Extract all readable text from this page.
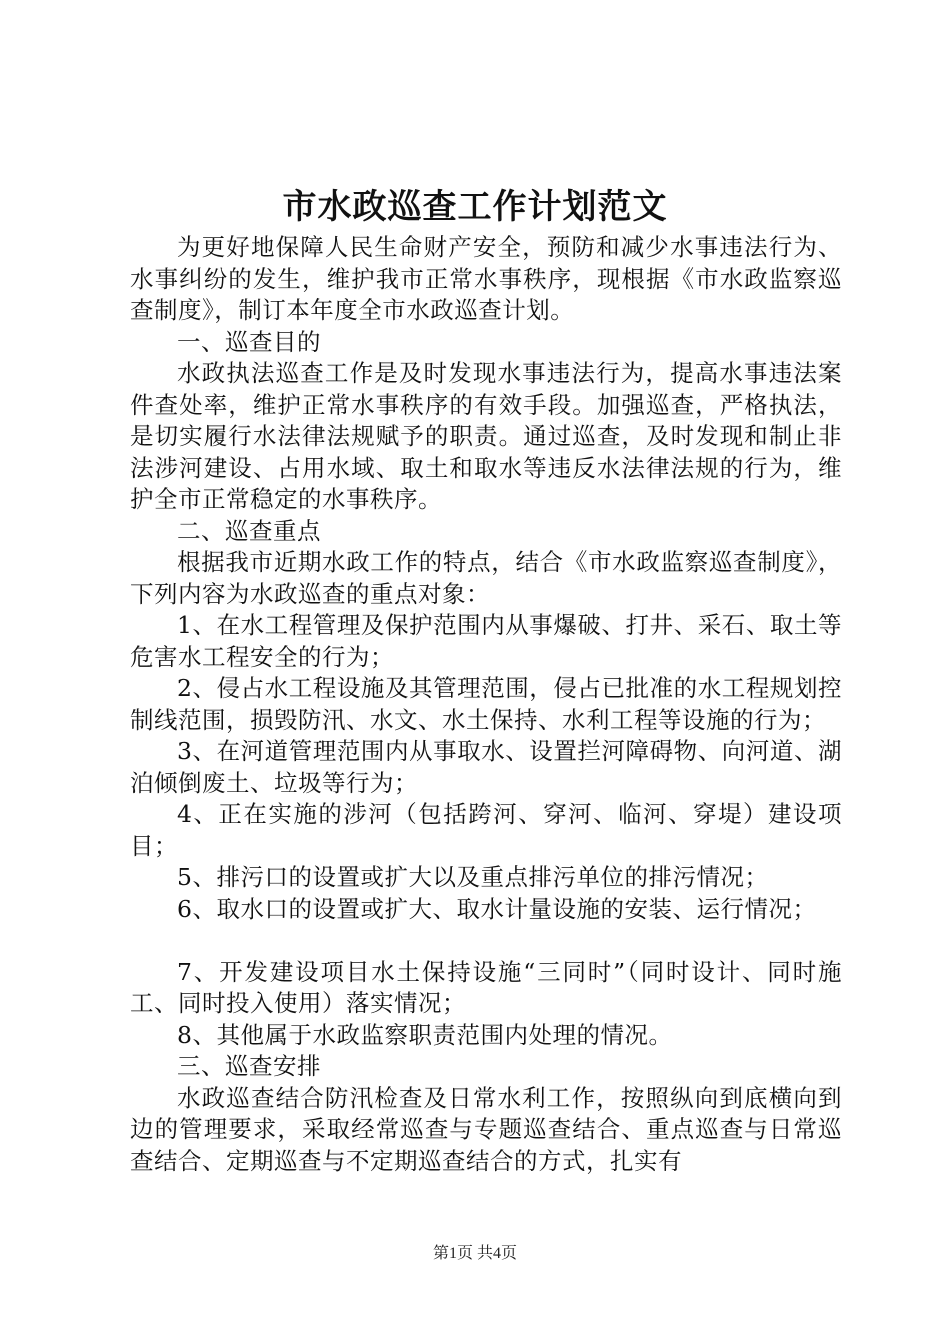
市水政巡查工作计划范文

为更好地保障人民生命财产安全，预防和减少水事违法行为、水事纠纷的发生，维护我市正常水事秩序，现根据《市水政监察巡查制度》，制订本年度全市水政巡查计划。

一、巡查目的

水政执法巡查工作是及时发现水事违法行为，提高水事违法案件查处率，维护正常水事秩序的有效手段。加强巡查，严格执法，是切实履行水法律法规赋予的职责。通过巡查，及时发现和制止非法涉河建设、占用水域、取土和取水等违反水法律法规的行为，维护全市正常稳定的水事秩序。

二、巡查重点

根据我市近期水政工作的特点，结合《市水政监察巡查制度》，下列内容为水政巡查的重点对象：

1、在水工程管理及保护范围内从事爆破、打井、采石、取土等危害水工程安全的行为；

2、侵占水工程设施及其管理范围，侵占已批准的水工程规划控制线范围，损毁防汛、水文、水土保持、水利工程等设施的行为；

3、在河道管理范围内从事取水、设置拦河障碍物、向河道、湖泊倾倒废土、垃圾等行为；

4、正在实施的涉河（包括跨河、穿河、临河、穿堤）建设项目；

5、排污口的设置或扩大以及重点排污单位的排污情况；

6、取水口的设置或扩大、取水计量设施的安装、运行情况；

7、开发建设项目水土保持设施“三同时”（同时设计、同时施工、同时投入使用）落实情况；

8、其他属于水政监察职责范围内处理的情况。

三、巡查安排

水政巡查结合防汛检查及日常水利工作，按照纵向到底横向到边的管理要求，采取经常巡查与专题巡查结合、重点巡查与日常巡查结合、定期巡查与不定期巡查结合的方式，扎实有

第1页 共4页
